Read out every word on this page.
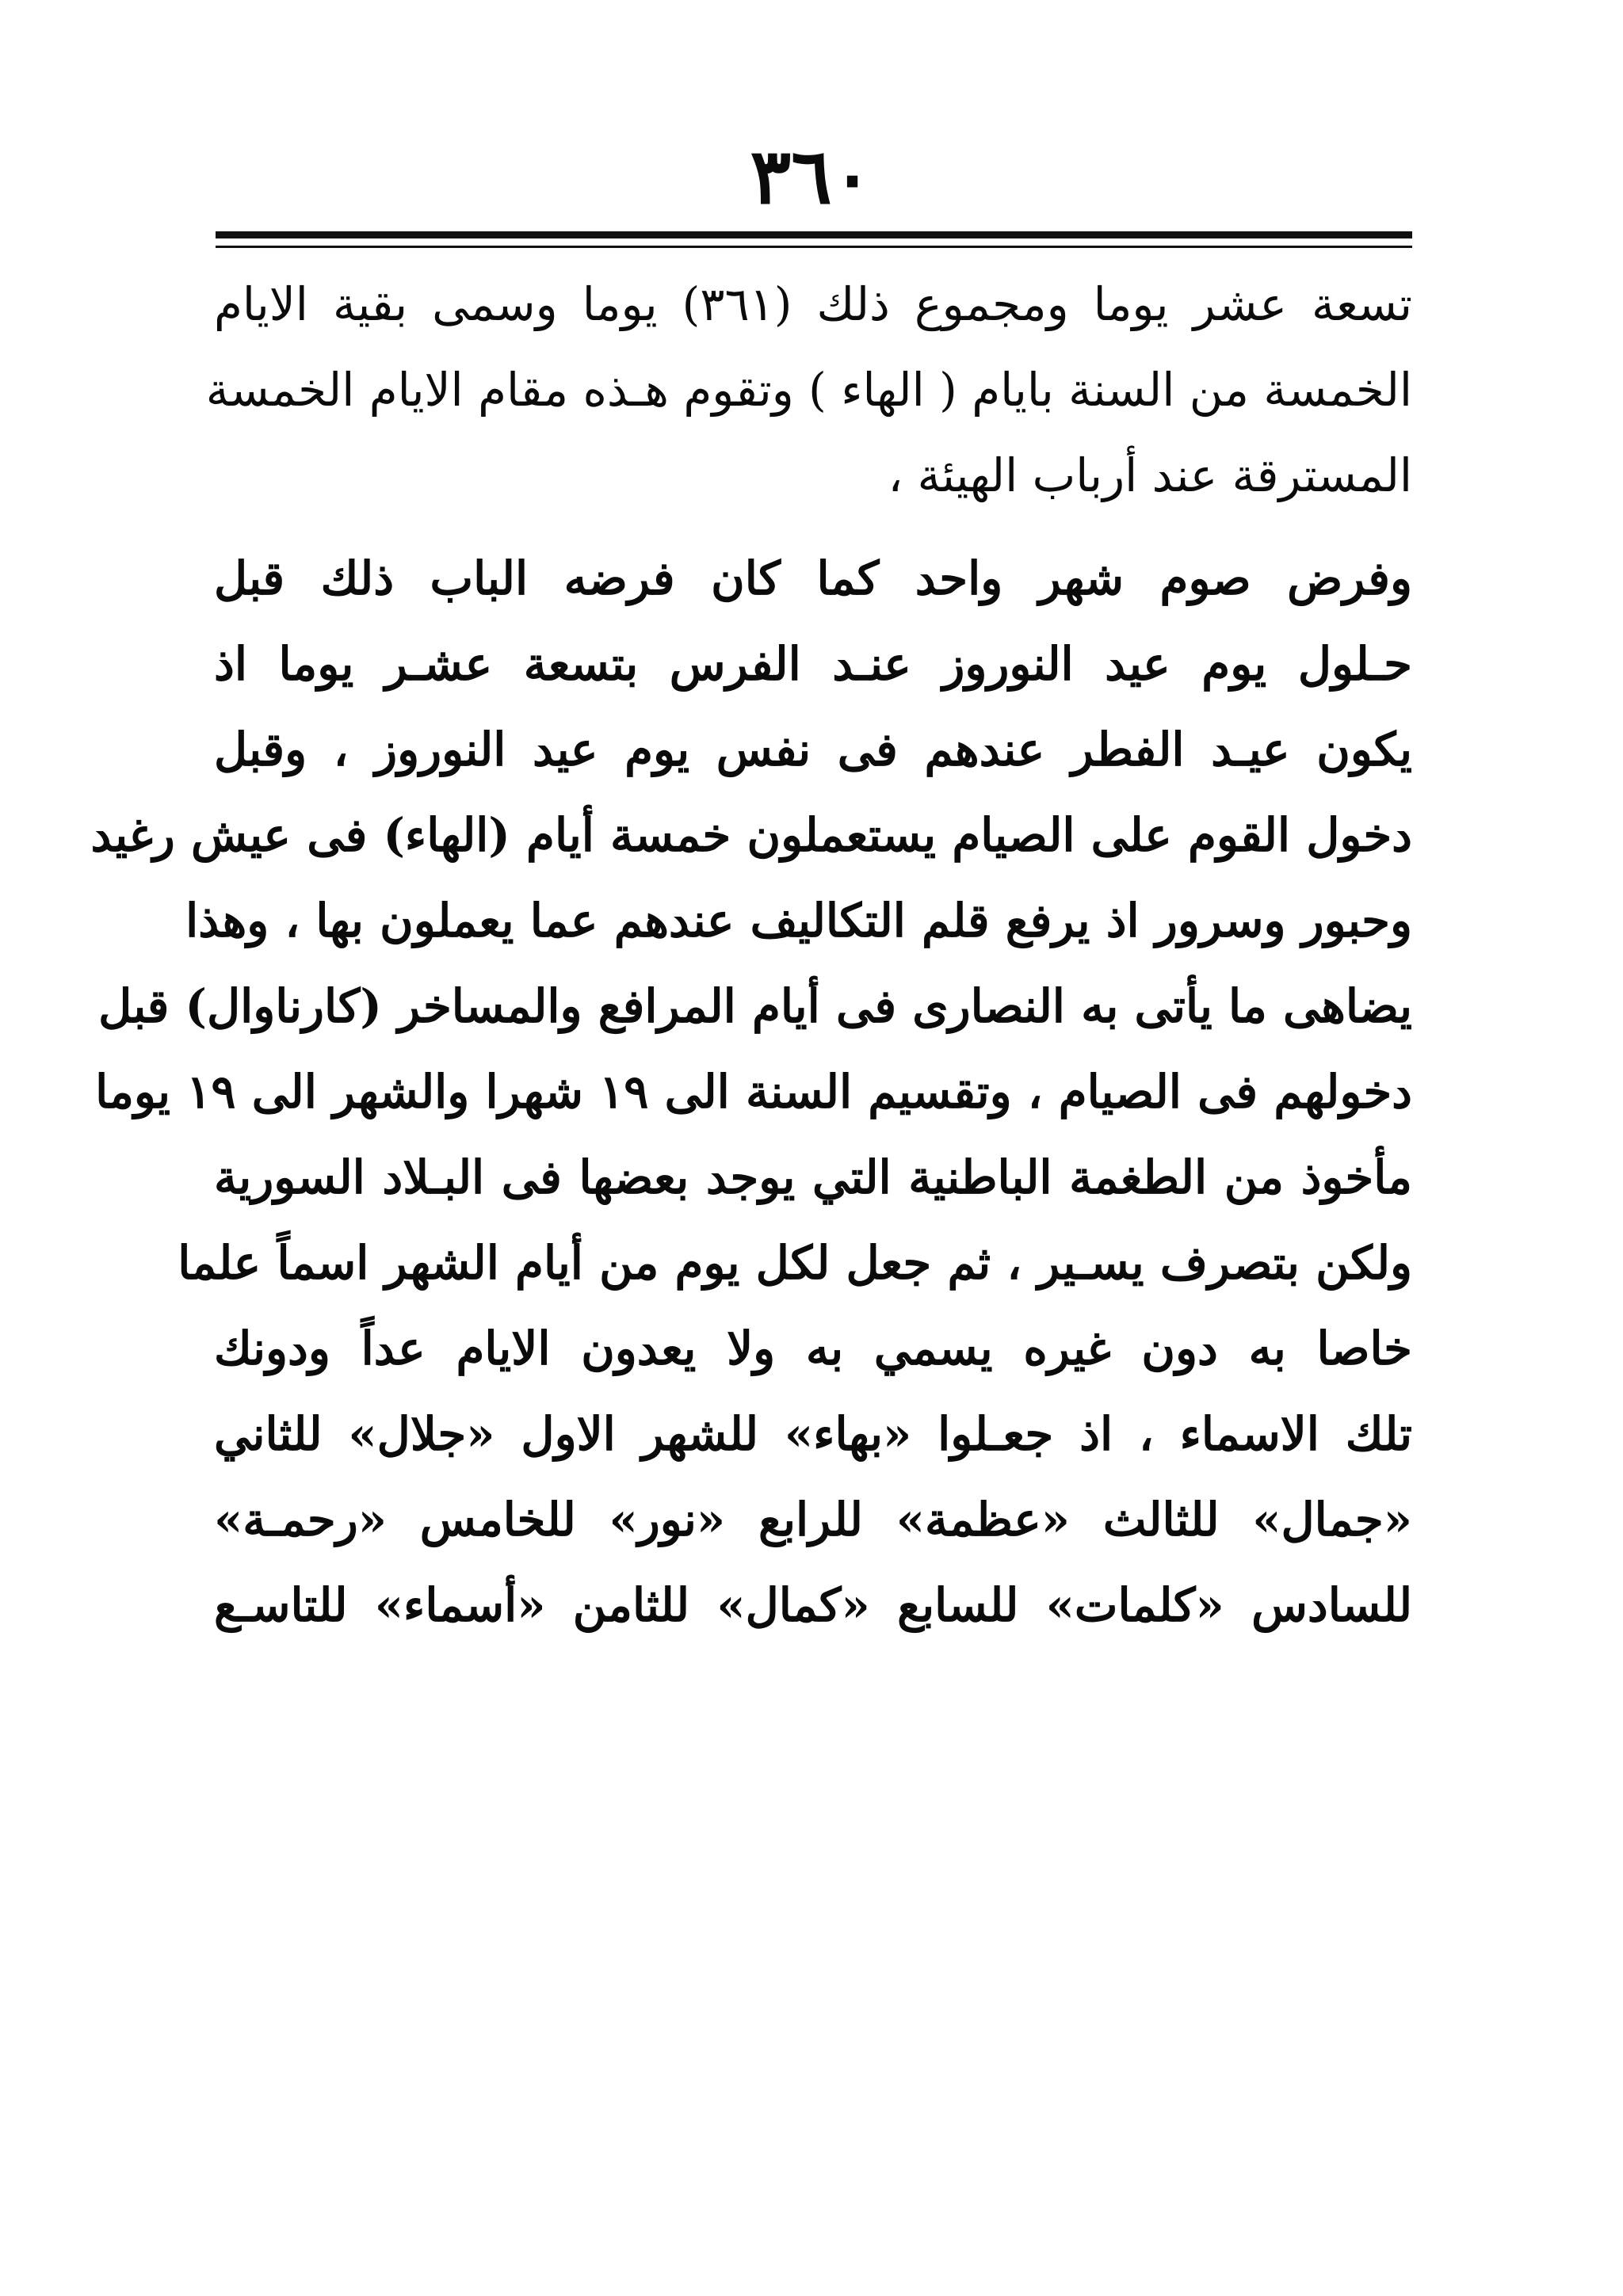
٣٦٠
تسعة عشر يوما ومجموع ذلك (٣٦١) يوما وسمى بقية الايام
الخمسة من السنة بايام ( الهاء ) وتقوم هـذه مقام الايام الخمسة
المسترقة عند أرباب الهيئة ،
وفرض صوم شهر واحد كما كان فرضه الباب ذلك قبل
حـلول يوم عيد النوروز عنـد الفرس بتسعة عشـر يوما اذ
يكون عيـد الفطر عندهم فى نفس يوم عيد النوروز ، وقبل
دخول القوم على الصيام يستعملون خمسة أيام (الهاء) فى عيش رغيد
وحبور وسرور اذ يرفع قلم التكاليف عندهم عما يعملون بها ، وهذا
يضاهى ما يأتى به النصارى فى أيام المرافع والمساخر (كارناوال) قبل
دخولهم فى الصيام ، وتقسيم السنة الى ١٩ شهرا والشهر الى ١٩ يوما
مأخوذ من الطغمة الباطنية التي يوجد بعضها فى البـلاد السورية
ولكن بتصرف يسـير ، ثم جعل لكل يوم من أيام الشهر اسماً علما
خاصا به دون غيره يسمي به ولا يعدون الايام عداً ودونك
تلك الاسماء ، اذ جعـلوا «بهاء» للشهر الاول «جلال» للثاني
«جمال» للثالث «عظمة» للرابع «نور» للخامس «رحمـة»
للسادس «كلمات» للسابع «كمال» للثامن «أسماء» للتاسـع
